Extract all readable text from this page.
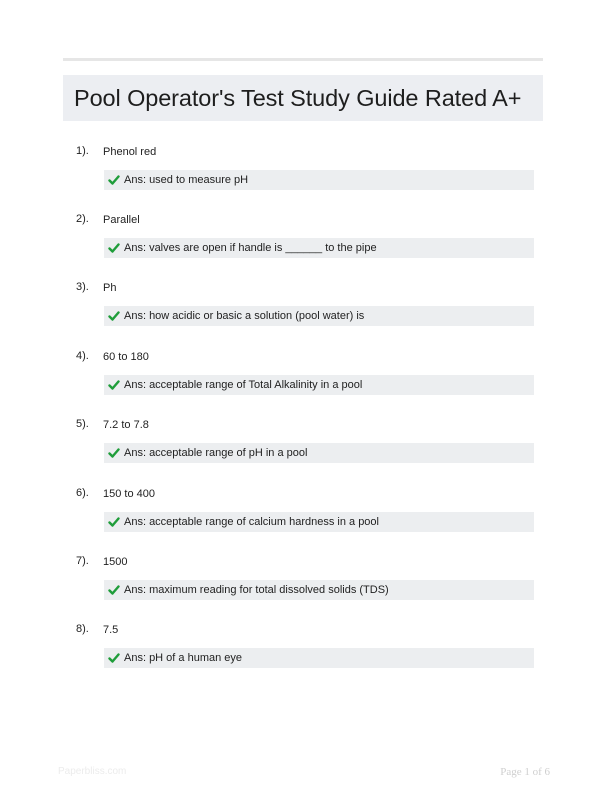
Pool Operator's Test Study Guide Rated A+
1). Phenol red
Ans: used to measure pH
2). Parallel
Ans: valves are open if handle is ______ to the pipe
3). Ph
Ans: how acidic or basic a solution (pool water) is
4). 60 to 180
Ans: acceptable range of Total Alkalinity in a pool
5). 7.2 to 7.8
Ans: acceptable range of pH in a pool
6). 150 to 400
Ans: acceptable range of calcium hardness in a pool
7). 1500
Ans: maximum reading for total dissolved solids (TDS)
8). 7.5
Ans: pH of a human eye
Paperbliss.com	Page 1 of 6
